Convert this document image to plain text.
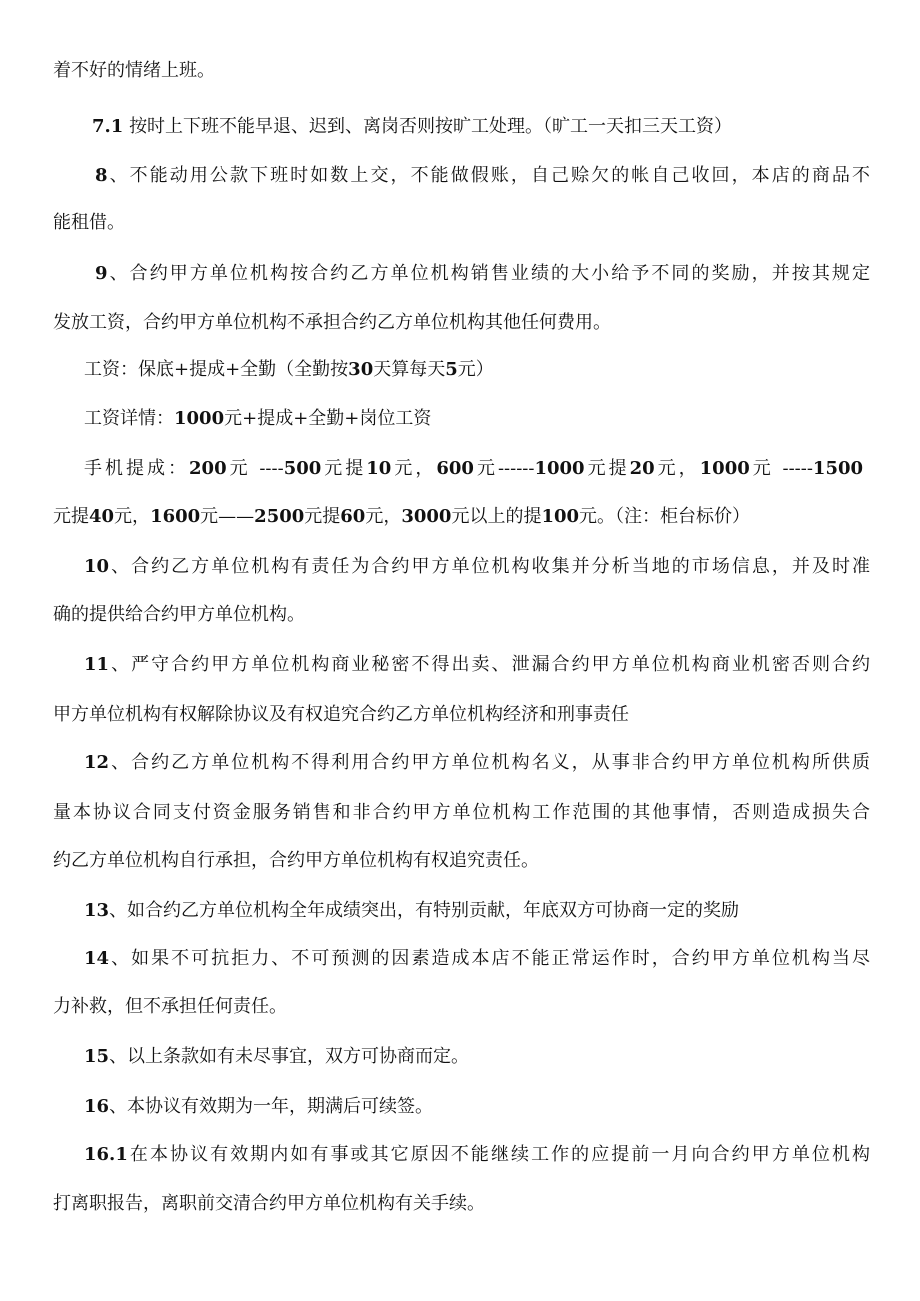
着不好的情绪上班。
7.1 按时上下班不能早退、迟到、离岗否则按旷工处理。（旷工一天扣三天工资）
8、不能动用公款下班时如数上交，不能做假账，自己赊欠的帐自己收回，本店的商品不
能租借。
9、合约甲方单位机构按合约乙方单位机构销售业绩的大小给予不同的奖励，并按其规定
发放工资，合约甲方单位机构不承担合约乙方单位机构其他任何费用。
工资：保底+提成+全勤（全勤按30天算每天5元）
工资详情：1000元+提成+全勤+岗位工资
手机提成：200元 ----500元提10元，600元------1000元提20元，1000元 -----1500
元提40元，1600元——2500元提60元，3000元以上的提100元。（注：柜台标价）
10、合约乙方单位机构有责任为合约甲方单位机构收集并分析当地的市场信息，并及时准
确的提供给合约甲方单位机构。
11、严守合约甲方单位机构商业秘密不得出卖、泄漏合约甲方单位机构商业机密否则合约
甲方单位机构有权解除协议及有权追究合约乙方单位机构经济和刑事责任
12、合约乙方单位机构不得利用合约甲方单位机构名义，从事非合约甲方单位机构所供质
量本协议合同支付资金服务销售和非合约甲方单位机构工作范围的其他事情，否则造成损失合
约乙方单位机构自行承担，合约甲方单位机构有权追究责任。
13、如合约乙方单位机构全年成绩突出，有特别贡献，年底双方可协商一定的奖励
14、如果不可抗拒力、不可预测的因素造成本店不能正常运作时，合约甲方单位机构当尽
力补救，但不承担任何责任。
15、以上条款如有未尽事宜，双方可协商而定。
16、本协议有效期为一年，期满后可续签。
16.1在本协议有效期内如有事或其它原因不能继续工作的应提前一月向合约甲方单位机构
打离职报告，离职前交清合约甲方单位机构有关手续。
